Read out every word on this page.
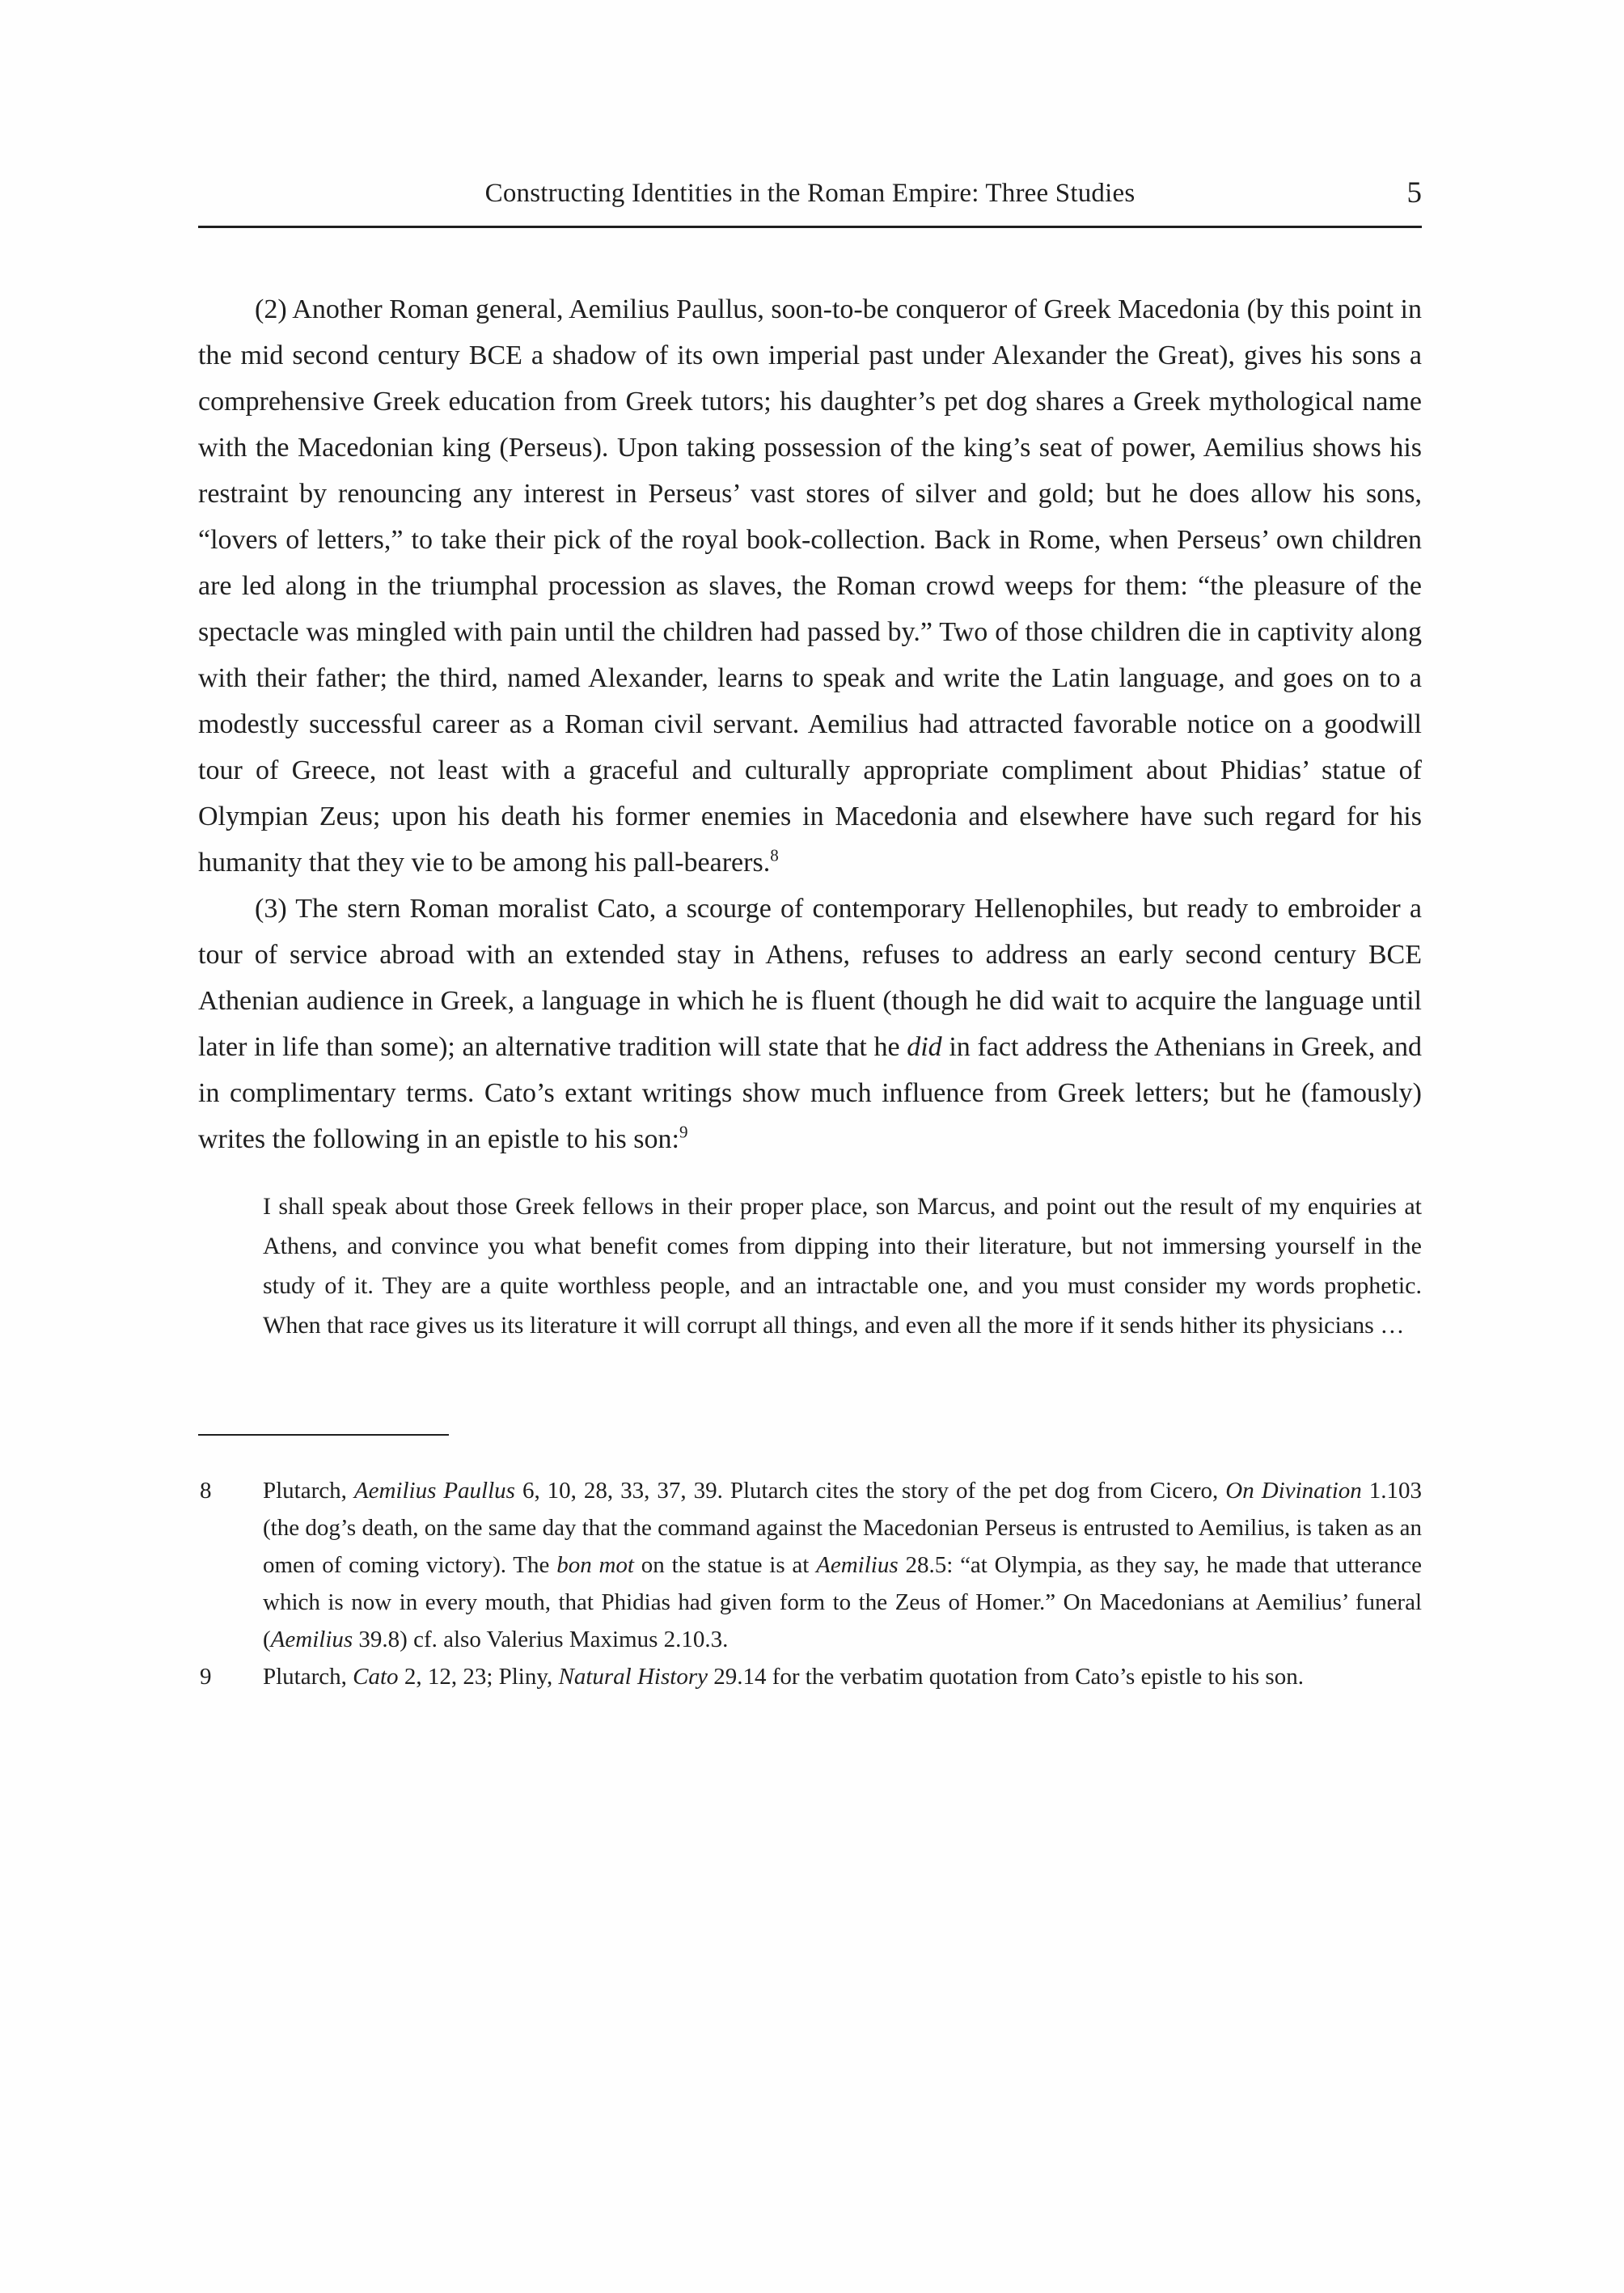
Constructing Identities in the Roman Empire: Three Studies	5

(2) Another Roman general, Aemilius Paullus, soon-to-be conqueror of Greek Macedonia (by this point in the mid second century BCE a shadow of its own imperial past under Alexander the Great), gives his sons a comprehensive Greek education from Greek tutors; his daughter’s pet dog shares a Greek mythological name with the Macedonian king (Perseus). Upon taking possession of the king’s seat of power, Aemilius shows his restraint by renouncing any interest in Perseus’ vast stores of silver and gold; but he does allow his sons, “lovers of letters,” to take their pick of the royal book-collection. Back in Rome, when Perseus’ own children are led along in the triumphal procession as slaves, the Roman crowd weeps for them: “the pleasure of the spectacle was mingled with pain until the children had passed by.” Two of those children die in captivity along with their father; the third, named Alexander, learns to speak and write the Latin language, and goes on to a modestly successful career as a Roman civil servant. Aemilius had attracted favorable notice on a goodwill tour of Greece, not least with a graceful and culturally appropriate compliment about Phidias’ statue of Olympian Zeus; upon his death his former enemies in Macedonia and elsewhere have such regard for his humanity that they vie to be among his pall-bearers.$^8$

(3) The stern Roman moralist Cato, a scourge of contemporary Hellenophiles, but ready to embroider a tour of service abroad with an extended stay in Athens, refuses to address an early second century BCE Athenian audience in Greek, a language in which he is fluent (though he did wait to acquire the language until later in life than some); an alternative tradition will state that he did in fact address the Athenians in Greek, and in complimentary terms. Cato’s extant writings show much influence from Greek letters; but he (famously) writes the following in an epistle to his son:$^9$

I shall speak about those Greek fellows in their proper place, son Marcus, and point out the result of my enquiries at Athens, and convince you what benefit comes from dipping into their literature, but not immersing yourself in the study of it. They are a quite worthless people, and an intractable one, and you must consider my words prophetic. When that race gives us its literature it will corrupt all things, and even all the more if it sends hither its physicians …
8 Plutarch, Aemilius Paullus 6, 10, 28, 33, 37, 39. Plutarch cites the story of the pet dog from Cicero, On Divination 1.103 (the dog’s death, on the same day that the command against the Macedonian Perseus is entrusted to Aemilius, is taken as an omen of coming victory). The bon mot on the statue is at Aemilius 28.5: “at Olympia, as they say, he made that utterance which is now in every mouth, that Phidias had given form to the Zeus of Homer.” On Macedonians at Aemilius’ funeral (Aemilius 39.8) cf. also Valerius Maximus 2.10.3.
9 Plutarch, Cato 2, 12, 23; Pliny, Natural History 29.14 for the verbatim quotation from Cato’s epistle to his son.
